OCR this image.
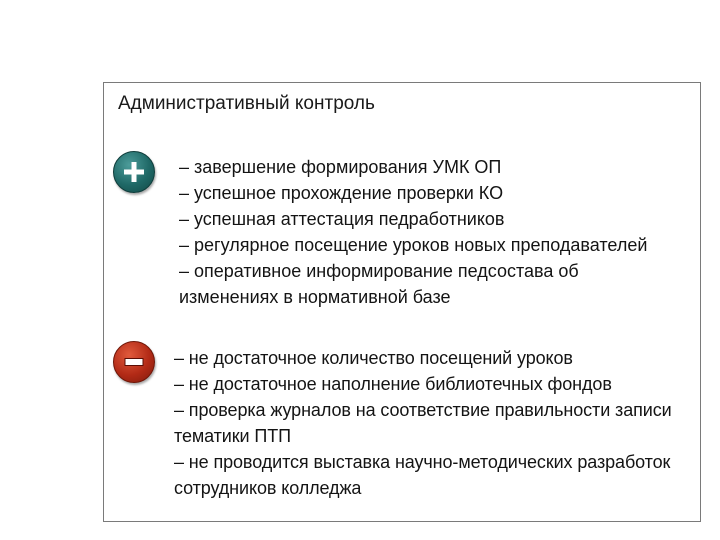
Административный контроль
– завершение формирования УМК ОП
– успешное прохождение проверки КО
– успешная аттестация педработников
– регулярное посещение уроков новых преподавателей
– оперативное информирование педсостава об изменениях в нормативной базе
– не достаточное количество посещений уроков
– не достаточное наполнение библиотечных фондов
– проверка журналов на соответствие правильности записи тематики ПТП
– не проводится выставка научно-методических разработок сотрудников колледжа
